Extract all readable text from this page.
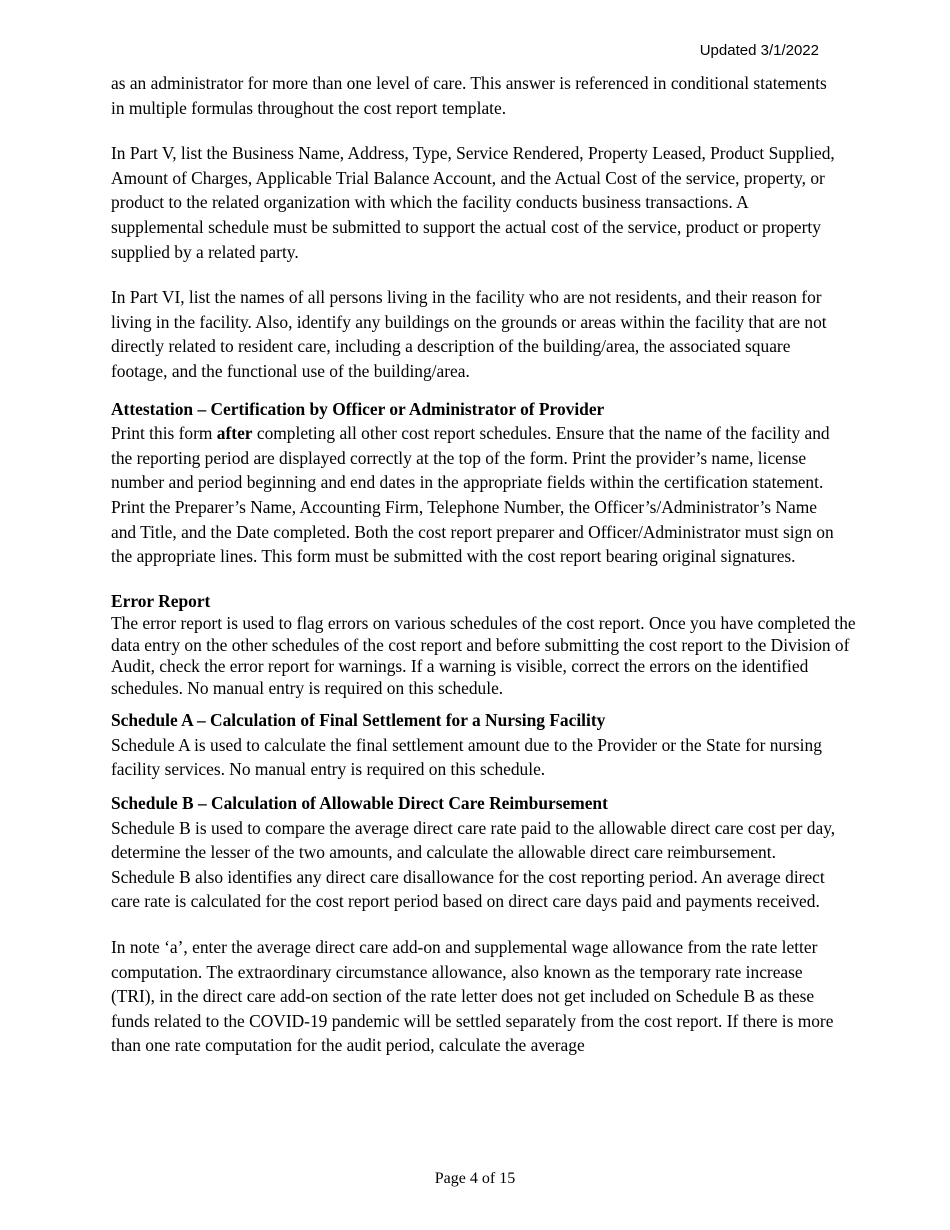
Updated 3/1/2022

as an administrator for more than one level of care. This answer is referenced in conditional statements in multiple formulas throughout the cost report template.

In Part V, list the Business Name, Address, Type, Service Rendered, Property Leased, Product Supplied, Amount of Charges, Applicable Trial Balance Account, and the Actual Cost of the service, property, or product to the related organization with which the facility conducts business transactions. A supplemental schedule must be submitted to support the actual cost of the service, product or property supplied by a related party.

In Part VI, list the names of all persons living in the facility who are not residents, and their reason for living in the facility. Also, identify any buildings on the grounds or areas within the facility that are not directly related to resident care, including a description of the building/area, the associated square footage, and the functional use of the building/area.

Attestation – Certification by Officer or Administrator of Provider

Print this form after completing all other cost report schedules. Ensure that the name of the facility and the reporting period are displayed correctly at the top of the form. Print the provider’s name, license number and period beginning and end dates in the appropriate fields within the certification statement. Print the Preparer’s Name, Accounting Firm, Telephone Number, the Officer’s/Administrator’s Name and Title, and the Date completed. Both the cost report preparer and Officer/Administrator must sign on the appropriate lines. This form must be submitted with the cost report bearing original signatures.

Error Report

The error report is used to flag errors on various schedules of the cost report. Once you have completed the data entry on the other schedules of the cost report and before submitting the cost report to the Division of Audit, check the error report for warnings. If a warning is visible, correct the errors on the identified schedules. No manual entry is required on this schedule.

Schedule A – Calculation of Final Settlement for a Nursing Facility

Schedule A is used to calculate the final settlement amount due to the Provider or the State for nursing facility services. No manual entry is required on this schedule.

Schedule B – Calculation of Allowable Direct Care Reimbursement

Schedule B is used to compare the average direct care rate paid to the allowable direct care cost per day, determine the lesser of the two amounts, and calculate the allowable direct care reimbursement. Schedule B also identifies any direct care disallowance for the cost reporting period. An average direct care rate is calculated for the cost report period based on direct care days paid and payments received.

In note ‘a’, enter the average direct care add-on and supplemental wage allowance from the rate letter computation. The extraordinary circumstance allowance, also known as the temporary rate increase (TRI), in the direct care add-on section of the rate letter does not get included on Schedule B as these funds related to the COVID-19 pandemic will be settled separately from the cost report. If there is more than one rate computation for the audit period, calculate the average

Page 4 of 15
